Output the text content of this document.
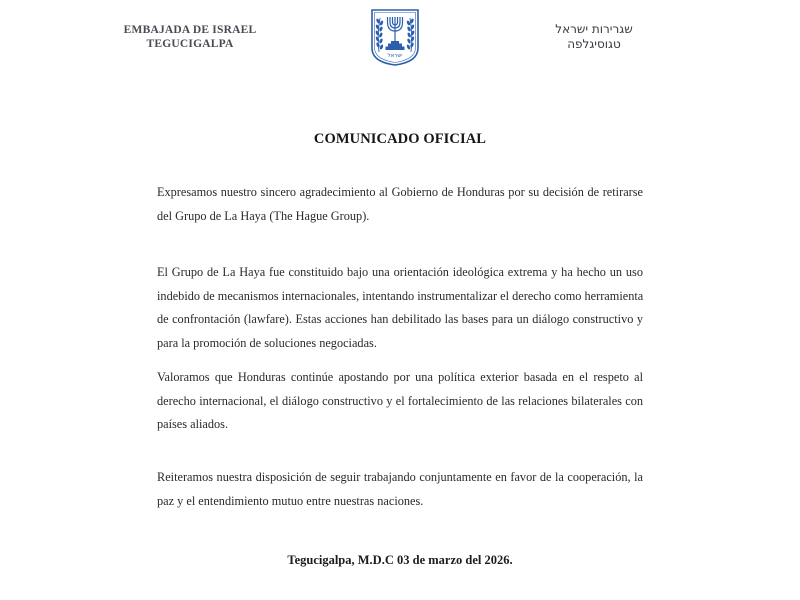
EMBAJADA DE ISRAEL
TEGUCIGALPA
ישראל
שגרירות ישראל
טגוסיגלפה
COMUNICADO OFICIAL
Expresamos nuestro sincero agradecimiento al Gobierno de Honduras por su decisión de retirarse
del Grupo de La Haya (The Hague Group).
El Grupo de La Haya fue constituido bajo una orientación ideológica extrema y ha hecho un uso
indebido de mecanismos internacionales, intentando instrumentalizar el derecho como herramienta
de confrontación (lawfare). Estas acciones han debilitado las bases para un diálogo constructivo y
para la promoción de soluciones negociadas.
Valoramos que Honduras continúe apostando por una política exterior basada en el respeto al
derecho internacional, el diálogo constructivo y el fortalecimiento de las relaciones bilaterales con
países aliados.
Reiteramos nuestra disposición de seguir trabajando conjuntamente en favor de la cooperación, la
paz y el entendimiento mutuo entre nuestras naciones.
Tegucigalpa, M.D.C 03 de marzo del 2026.
